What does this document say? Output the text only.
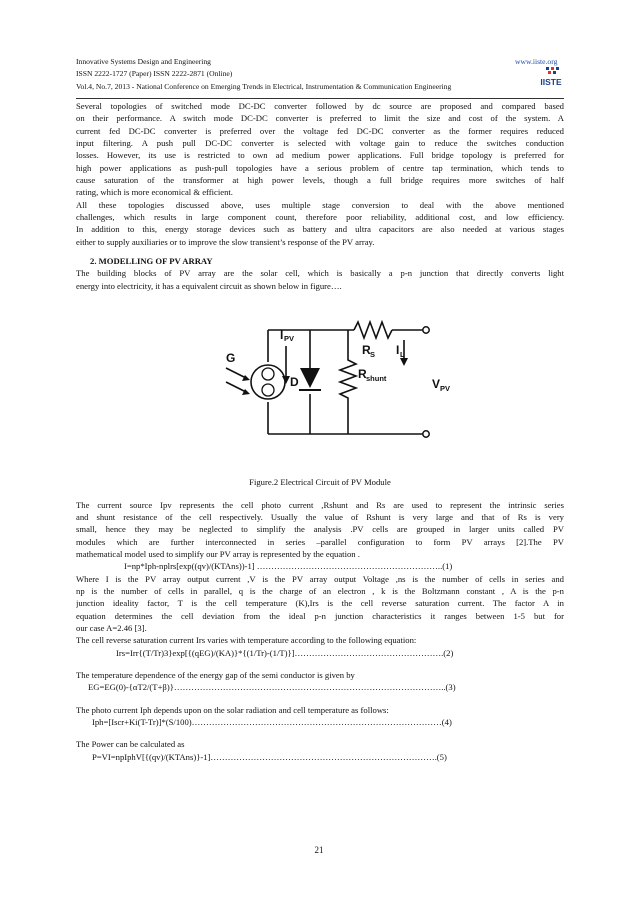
Innovative Systems Design and Engineering	www.iiste.org
ISSN 2222-1727 (Paper) ISSN 2222-2871 (Online)
Vol.4, No.7, 2013 - National Conference on Emerging Trends in Electrical, Instrumentation & Communication Engineering	IISTE
Several topologies of switched mode DC-DC converter followed by dc source are proposed and compared based
on their performance. A switch mode DC-DC converter is preferred to limit the size and cost of the system. A
current fed DC-DC converter is preferred over the voltage fed DC-DC converter as the former requires reduced
input filtering. A push pull DC-DC converter is selected with voltage gain to reduce the switches conduction
losses. However, its use is restricted to own ad medium power applications. Full bridge topology is preferred for
high power applications as push-pull topologies have a serious problem of centre tap termination, which tends to
cause saturation of the transformer at high power levels, though a full bridge requires more switches of half
rating, which is more economical & efficient.
All these topologies discussed above, uses multiple stage conversion to deal with the above mentioned
challenges, which results in large component count, therefore poor reliability, additional cost, and low efficiency.
In addition to this, energy storage devices such as battery and ultra capacitors are also needed at various stages
either to supply auxiliaries or to improve the slow transient’s response of the PV array.
2. MODELLING OF PV ARRAY
The building blocks of PV array are the solar cell, which is basically a p-n junction that directly converts light
energy into electricity, it has a equivalent circuit as shown below in figure….
G
I PV
D
R shunt
R S I L
V PV
Figure.2 Electrical Circuit of PV Module
The current source Ipv represents the cell photo current ,Rshunt and Rs are used to represent the intrinsic series
and shunt resistance of the cell respectively. Usually the value of Rshunt is very large and that of Rs is very
small, hence they may be neglected to simplify the analysis .PV cells are grouped in larger units called PV
modules which are further interconnected in series –parallel configuration to form PV arrays [2].The PV
mathematical model used to simplify our PV array is represented by the equation .
I=np*Iph-nplrs[exp((qv)/(KTAns))-1] ………………………………………………………..(1)
Where I is the PV array output current ,V is the PV array output Voltage ,ns is the number of cells in series and
np is the number of cells in parallel, q is the charge of an electron , k is the Boltzmann constant , A is the p-n
junction ideality factor, T is the cell temperature (K),Irs is the cell reverse saturation current. The factor A in
equation determines the cell deviation from the ideal p-n junction characteristics it ranges between 1-5 but for
our case A=2.46 [3].
The cell reverse saturation current Irs varies with temperature according to the following equation:
Irs=Irr{(T/Tr)3}exp[{(qEG)/(KA)}*{(1/Tr)-(1/T)}]…………………………………………….(2)
The temperature dependence of the energy gap of the semi conductor is given by
EG=EG(0)-{αT2/(T+β)}…………………………………………………………………………………..(3)
The photo current Iph depends upon on the solar radiation and cell temperature as follows:
Iph=[Iscr+Ki(T-Tr)]*(S/100)……………………………………………………………………………(4)
The Power can be calculated as
P=VI=npIphV[{(qv)/(KTAns)}-1]…………………………………………………………………….(5)
21
